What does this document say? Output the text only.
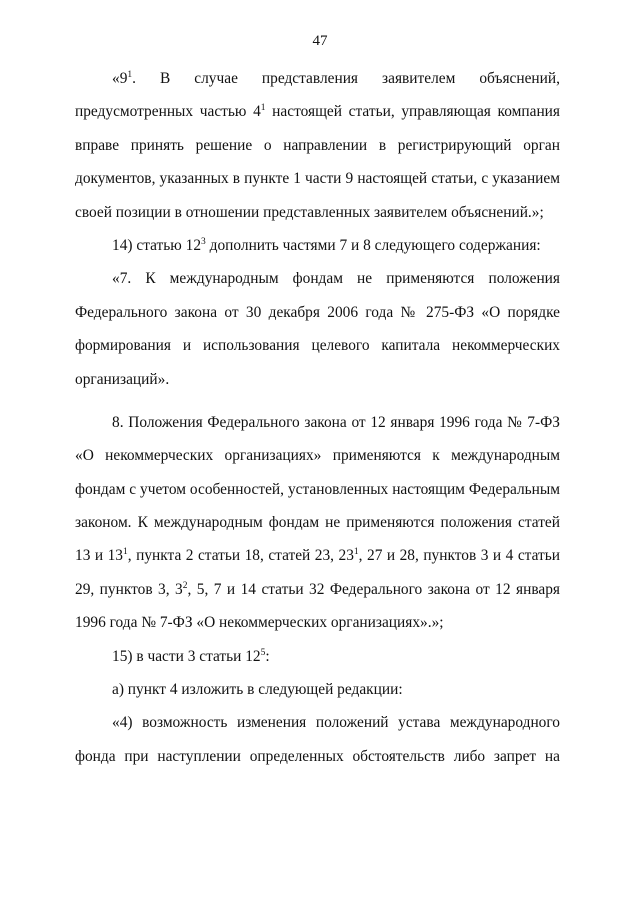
47

«$9^1$. В случае представления заявителем объяснений,
предусмотренных частью $4^1$ настоящей статьи, управляющая компания
вправе принять решение о направлении в регистрирующий орган
документов, указанных в пункте 1 части 9 настоящей статьи, с указанием
своей позиции в отношении представленных заявителем объяснений.»;

14) статью $12^3$ дополнить частями 7 и 8 следующего содержания:

«7. К международным фондам не применяются положения
Федерального закона от 30 декабря 2006 года № 275-ФЗ «О порядке
формирования и использования целевого капитала некоммерческих
организаций».

8. Положения Федерального закона от 12 января 1996 года № 7-ФЗ
«О некоммерческих организациях» применяются к международным
фондам с учетом особенностей, установленных настоящим Федеральным
законом. К международным фондам не применяются положения статей
13 и $13^1$, пункта 2 статьи 18, статей 23, $23^1$, 27 и 28, пунктов 3 и 4 статьи
29, пунктов 3, $3^2$, 5, 7 и 14 статьи 32 Федерального закона от 12 января
1996 года № 7-ФЗ «О некоммерческих организациях».»;

15) в части 3 статьи $12^5$:

а) пункт 4 изложить в следующей редакции:

«4) возможность изменения положений устава международного
фонда при наступлении определенных обстоятельств либо запрет на
